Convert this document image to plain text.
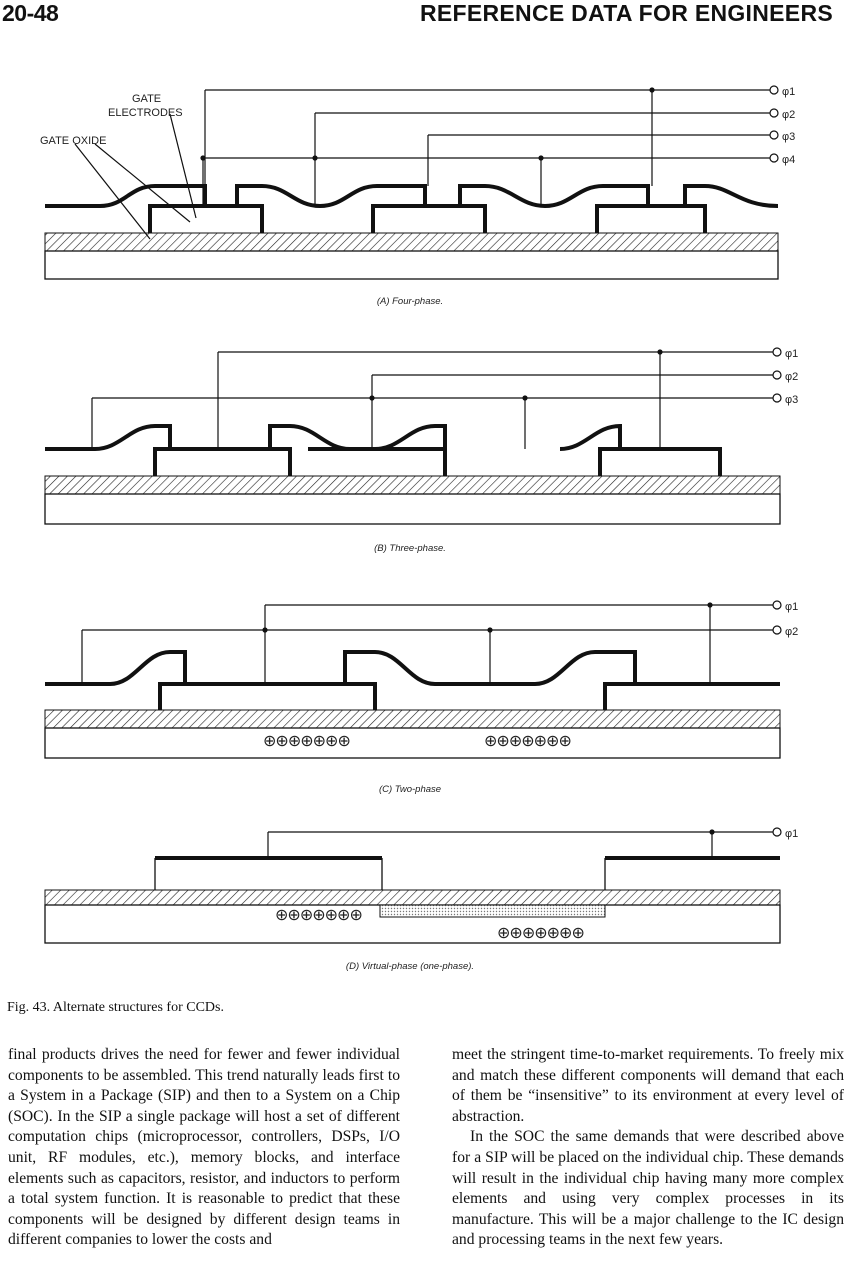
20-48	REFERENCE DATA FOR ENGINEERS
GATE
ELECTRODES
GATE OXIDE
φ1
φ2
φ3
φ4
(A) Four-phase.
φ1
φ2
φ3
(B) Three-phase.
φ1
φ2
⊕⊕⊕⊕⊕⊕⊕	⊕⊕⊕⊕⊕⊕⊕
(C) Two-phase
φ1
⊕⊕⊕⊕⊕⊕⊕
⊕⊕⊕⊕⊕⊕⊕
(D) Virtual-phase (one-phase).
Fig. 43. Alternate structures for CCDs.

final products drives the need for fewer and fewer individual components to be assembled. This trend naturally leads first to a System in a Package (SIP) and then to a System on a Chip (SOC). In the SIP a single package will host a set of different computation chips (microprocessor, controllers, DSPs, I/O unit, RF modules, etc.), memory blocks, and interface elements such as capacitors, resistor, and inductors to perform a total system function. It is reasonable to predict that these components will be designed by different design teams in different companies to lower the costs and

meet the stringent time-to-market requirements. To freely mix and match these different components will demand that each of them be “insensitive” to its environment at every level of abstraction.

In the SOC the same demands that were described above for a SIP will be placed on the individual chip. These demands will result in the individual chip having many more complex elements and using very complex processes in its manufacture. This will be a major challenge to the IC design and processing teams in the next few years.
